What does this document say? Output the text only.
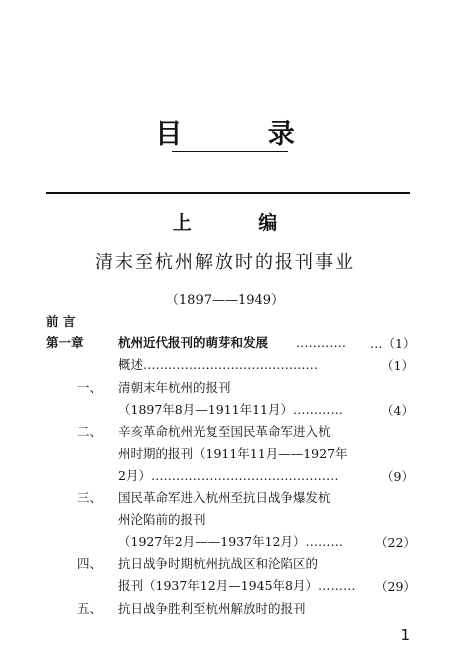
目 录
上 编
清末至杭州解放时的报刊事业
（1897——1949）
前 言
第一章	杭州近代报刊的萌芽和发展 ………… …（1）
概述……………………………………	（1）
一、 清朝末年杭州的报刊
（1897年8月—1911年11月）…………	（4）
二、 辛亥革命杭州光复至国民革命军进入杭
州时期的报刊（1911年11月——1927年
2月）………………………………………	（9）
三、 国民革命军进入杭州至抗日战争爆发杭
州沦陷前的报刊
（1927年2月——1937年12月）………	（22）
四、 抗日战争时期杭州抗战区和沦陷区的
报刊（1937年12月—1945年8月）……… （29）
五、 抗日战争胜利至杭州解放时的报刊
1
